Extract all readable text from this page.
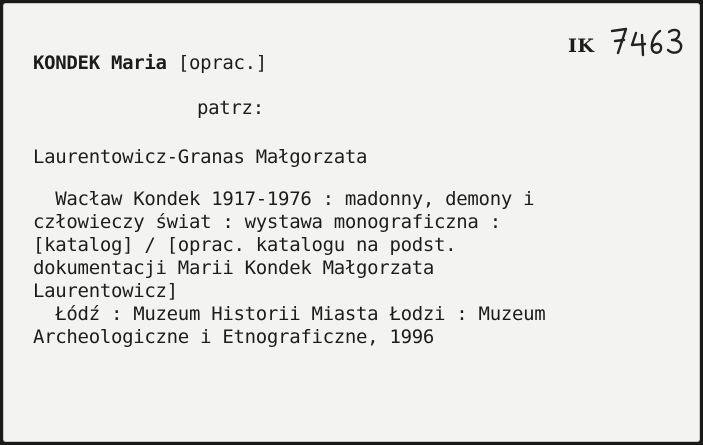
KONDEK Maria [oprac.]
IK
patrz:
Laurentowicz-Granas Małgorzata
Wacław Kondek 1917-1976 : madonny, demony i
człowieczy świat : wystawa monograficzna :
[katalog] / [oprac. katalogu na podst.
dokumentacji Marii Kondek Małgorzata
Laurentowicz]
Łódź : Muzeum Historii Miasta Łodzi : Muzeum
Archeologiczne i Etnograficzne, 1996
